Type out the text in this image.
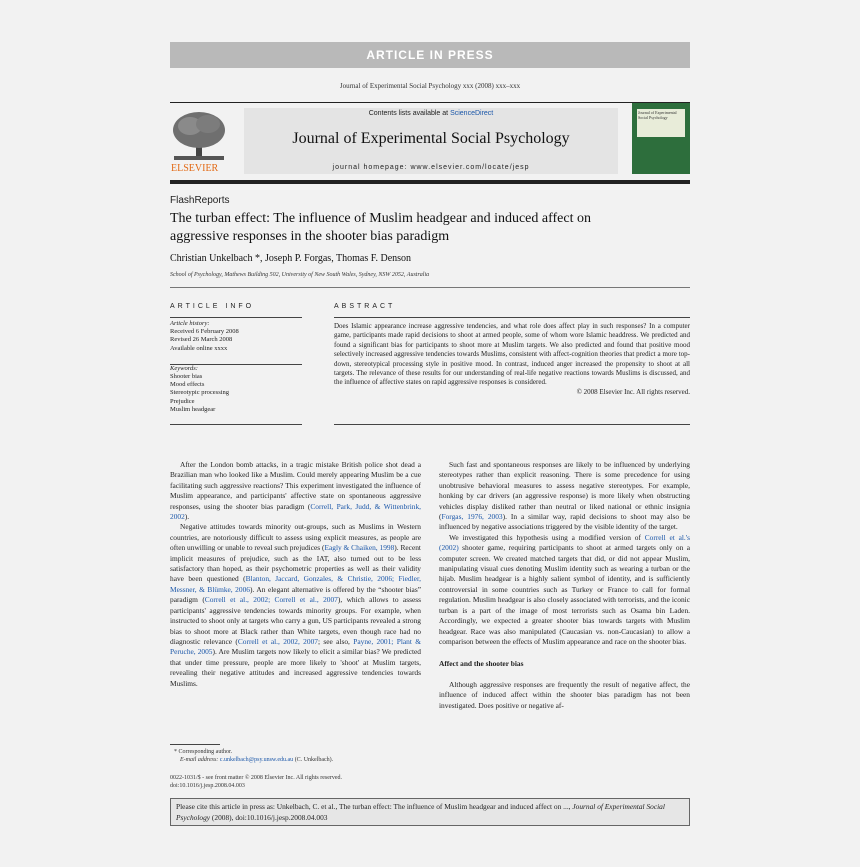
ARTICLE IN PRESS
Journal of Experimental Social Psychology xxx (2008) xxx–xxx
ELSEVIER
Contents lists available at ScienceDirect
Journal of Experimental Social Psychology
journal homepage: www.elsevier.com/locate/jesp
Journal of Experimental Social Psychology
FlashReports
The turban effect: The influence of Muslim headgear and induced affect on
aggressive responses in the shooter bias paradigm
Christian Unkelbach *, Joseph P. Forgas, Thomas F. Denson
School of Psychology, Mathews Building 502, University of New South Wales, Sydney, NSW 2052, Australia
ARTICLE INFO	ABSTRACT
Article history:
Received 6 February 2008
Revised 26 March 2008
Available online xxxx
Keywords:
Shooter bias
Mood effects
Stereotypic processing
Prejudice
Muslim headgear
Does Islamic appearance increase aggressive tendencies, and what role does affect play in such responses? In a computer game, participants made rapid decisions to shoot at armed people, some of whom wore Islamic headdress. We predicted and found a significant bias for participants to shoot more at Muslim targets. We also predicted and found that positive mood selectively increased aggressive tendencies towards Muslims, consistent with affect-cognition theories that predict a more top-down, stereotypical processing style in positive mood. In contrast, induced anger increased the propensity to shoot at all targets. The relevance of these results for our understanding of real-life negative reactions towards Muslims is discussed, and the influence of affective states on rapid aggressive responses is considered.
© 2008 Elsevier Inc. All rights reserved.

After the London bomb attacks, in a tragic mistake British police shot dead a Brazilian man who looked like a Muslim. Could merely appearing Muslim be a cue facilitating such aggressive reactions? This experiment investigated the influence of Muslim appearance, and participants' affective state on spontaneous aggressive responses, using the shooter bias paradigm (Correll, Park, Judd, & Wittenbrink, 2002).

Negative attitudes towards minority out-groups, such as Muslims in Western countries, are notoriously difficult to assess using explicit measures, as people are often unwilling or unable to reveal such prejudices (Eagly & Chaiken, 1998). Recent implicit measures of prejudice, such as the IAT, also turned out to be less satisfactory than hoped, as their psychometric properties as well as their validity have been questioned (Blanton, Jaccard, Gonzales, & Christie, 2006; Fiedler, Messner, & Blümke, 2006). An elegant alternative is offered by the “shooter bias” paradigm (Correll et al., 2002; Correll et al., 2007), which allows to assess participants' aggressive tendencies towards minority groups. For example, when instructed to shoot only at targets who carry a gun, US participants revealed a strong bias to shoot more at Black rather than White targets, even though race had no diagnostic relevance (Correll et al., 2002, 2007; see also, Payne, 2001; Plant & Peruche, 2005). Are Muslim targets now likely to elicit a similar bias? We predicted that under time pressure, people are more likely to 'shoot' at Muslim targets, revealing their negative attitudes and increased aggressive tendencies towards Muslims.

Such fast and spontaneous responses are likely to be influenced by underlying stereotypes rather than explicit reasoning. There is some precedence for using unobtrusive behavioral measures to assess negative stereotypes. For example, honking by car drivers (an aggressive response) is more likely when obstructing vehicles display disliked rather than neutral or liked national or ethnic insignia (Forgas, 1976, 2003). In a similar way, rapid decisions to shoot may also be influenced by negative associations triggered by the visible identity of the target.

We investigated this hypothesis using a modified version of Correll et al.'s (2002) shooter game, requiring participants to shoot at armed targets only on a computer screen. We created matched targets that did, or did not appear Muslim, manipulating visual cues denoting Muslim identity such as wearing a turban or the hijab. Muslim headgear is a highly salient symbol of identity, and is sufficiently controversial in some countries such as Turkey or France to call for formal regulation. Muslim headgear is also closely associated with terrorists, and the iconic turban is a part of the image of most terrorists such as Osama bin Laden. Accordingly, we expected a greater shooter bias towards targets with Muslim headgear. Race was also manipulated (Caucasian vs. non-Caucasian) to allow a comparison between the effects of Muslim appearance and race on the shooter bias.

Affect and the shooter bias

Although aggressive responses are frequently the result of negative affect, the influence of induced affect within the shooter bias paradigm has not been investigated. Does positive or negative af-

* Corresponding author.
E-mail address: c.unkelbach@psy.unsw.edu.au (C. Unkelbach).
0022-1031/$ - see front matter © 2008 Elsevier Inc. All rights reserved.
doi:10.1016/j.jesp.2008.04.003
Please cite this article in press as: Unkelbach, C. et al., The turban effect: The influence of Muslim headgear and induced affect on ..., Journal of Experimental Social Psychology (2008), doi:10.1016/j.jesp.2008.04.003
